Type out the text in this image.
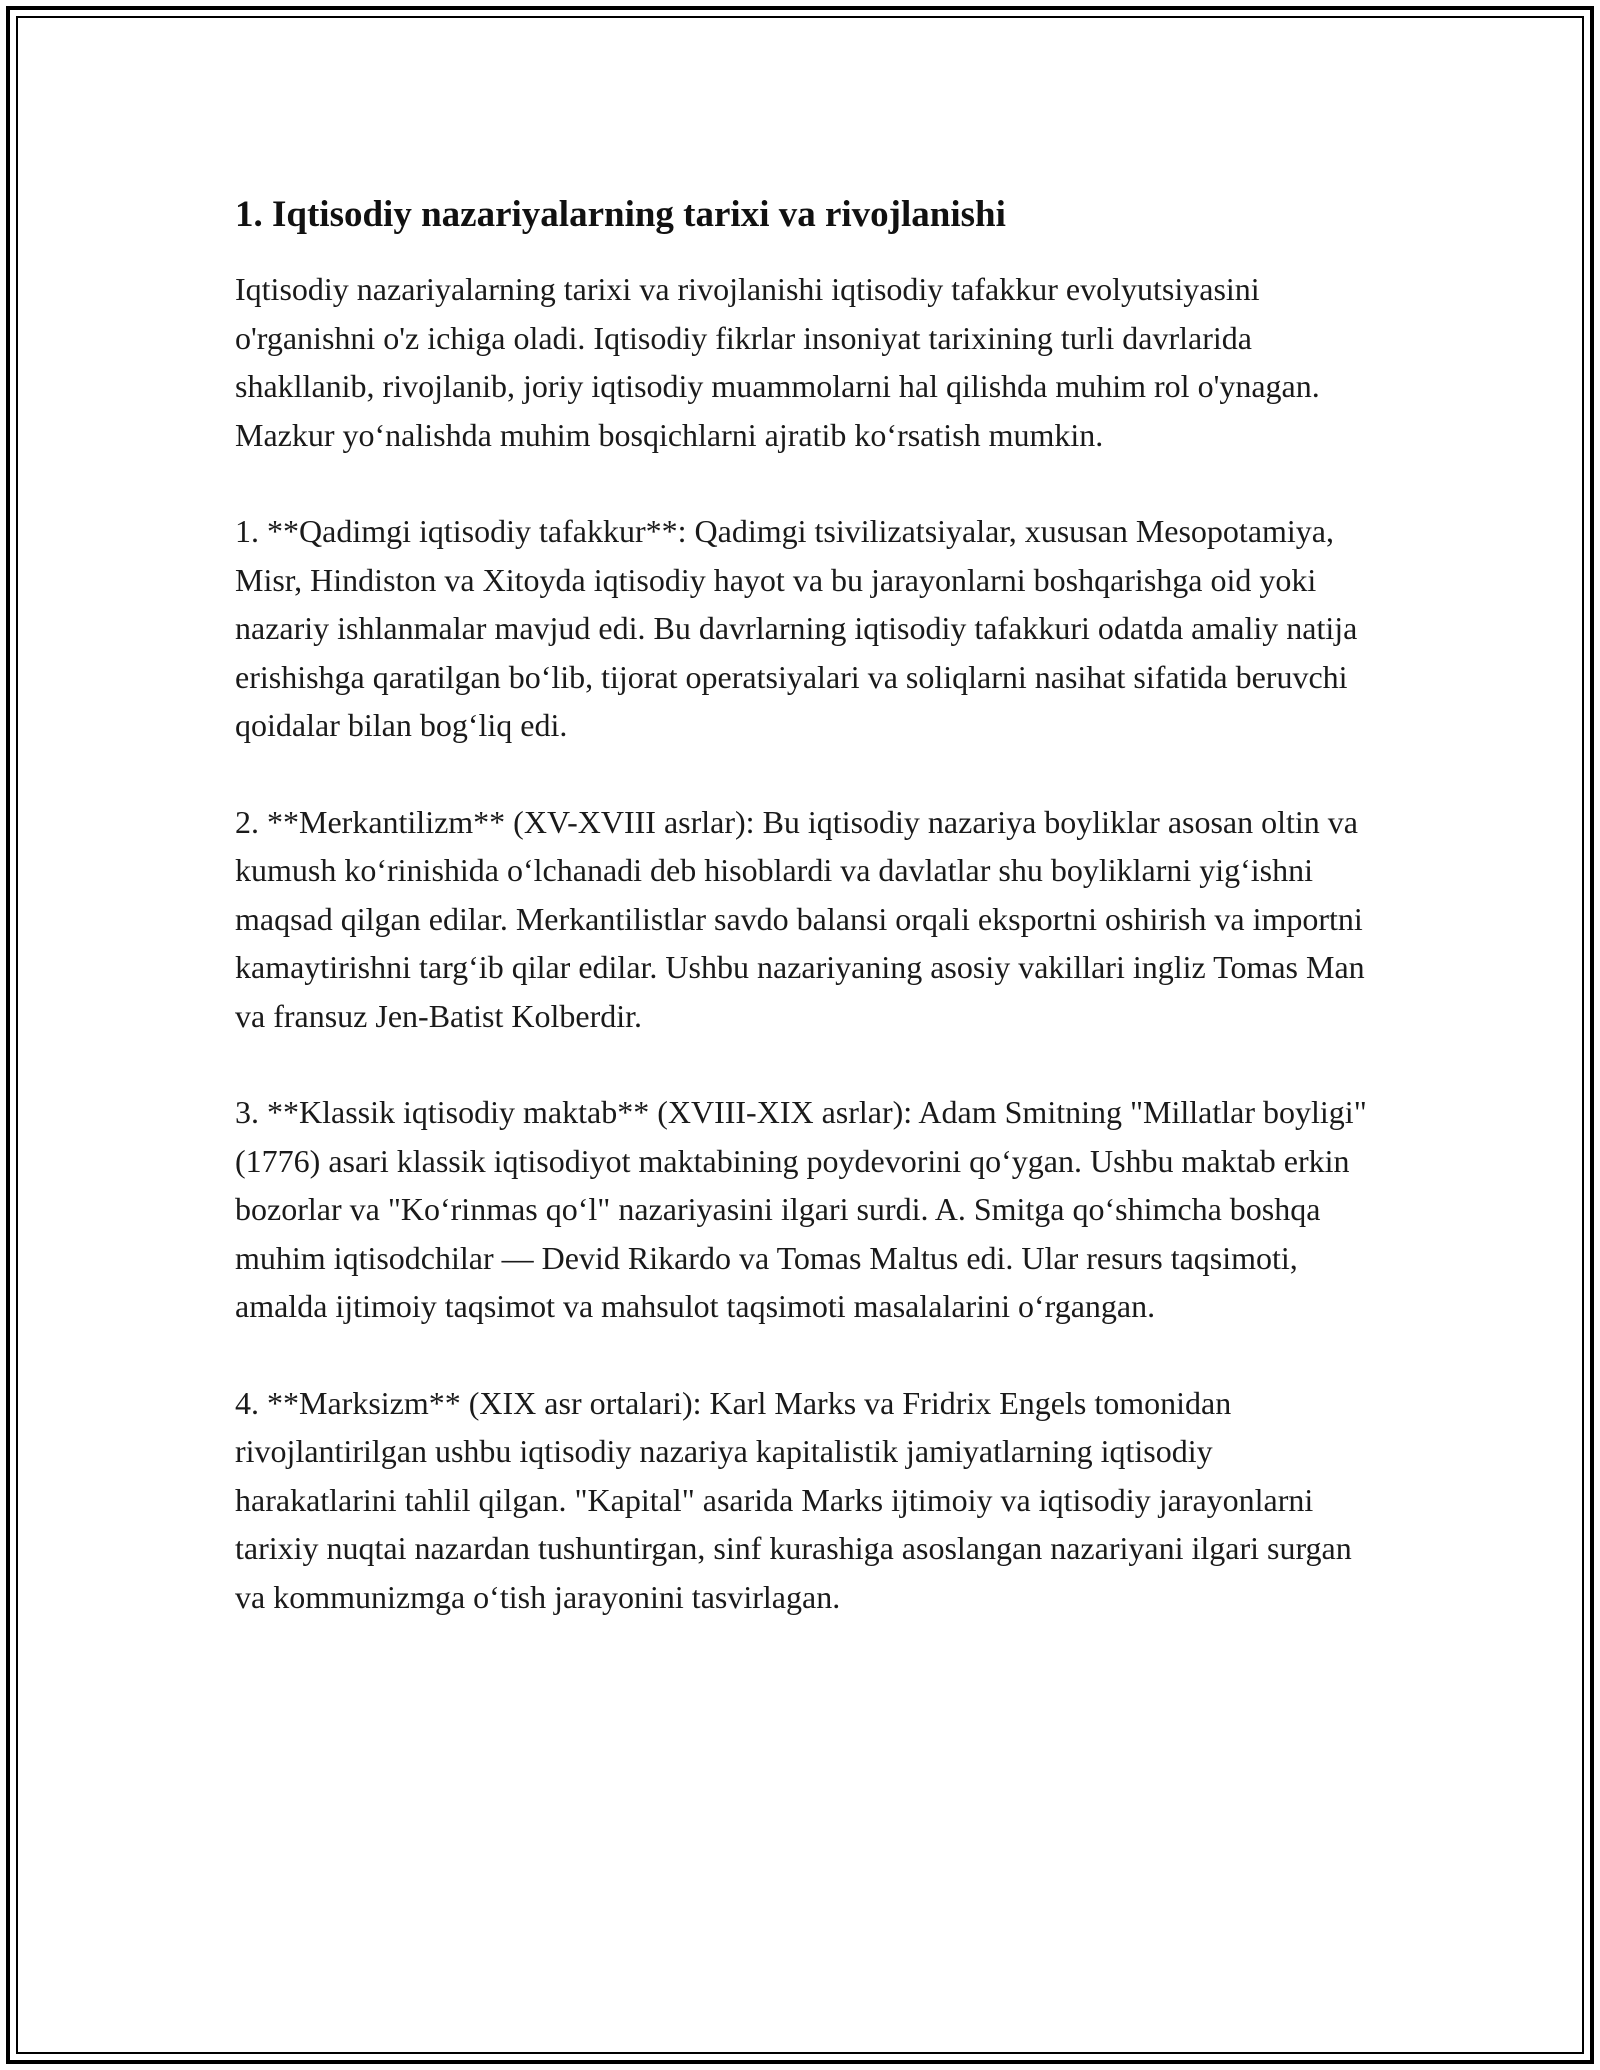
1. Iqtisodiy nazariyalarning tarixi va rivojlanishi

Iqtisodiy nazariyalarning tarixi va rivojlanishi iqtisodiy tafakkur evolyutsiyasini o'rganishni o'z ichiga oladi. Iqtisodiy fikrlar insoniyat tarixining turli davrlarida shakllanib, rivojlanib, joriy iqtisodiy muammolarni hal qilishda muhim rol o'ynagan. Mazkur yo‘nalishda muhim bosqichlarni ajratib ko‘rsatish mumkin.

1. **Qadimgi iqtisodiy tafakkur**: Qadimgi tsivilizatsiyalar, xususan Mesopotamiya, Misr, Hindiston va Xitoyda iqtisodiy hayot va bu jarayonlarni boshqarishga oid yoki nazariy ishlanmalar mavjud edi. Bu davrlarning iqtisodiy tafakkuri odatda amaliy natija erishishga qaratilgan bo‘lib, tijorat operatsiyalari va soliqlarni nasihat sifatida beruvchi qoidalar bilan bog‘liq edi.

2. **Merkantilizm** (XV-XVIII asrlar): Bu iqtisodiy nazariya boyliklar asosan oltin va kumush ko‘rinishida o‘lchanadi deb hisoblardi va davlatlar shu boyliklarni yig‘ishni maqsad qilgan edilar. Merkantilistlar savdo balansi orqali eksportni oshirish va importni kamaytirishni targ‘ib qilar edilar. Ushbu nazariyaning asosiy vakillari ingliz Tomas Man va fransuz Jen-Batist Kolberdir.

3. **Klassik iqtisodiy maktab** (XVIII-XIX asrlar): Adam Smitning "Millatlar boyligi" (1776) asari klassik iqtisodiyot maktabining poydevorini qo‘ygan. Ushbu maktab erkin bozorlar va "Ko‘rinmas qo‘l" nazariyasini ilgari surdi. A. Smitga qo‘shimcha boshqa muhim iqtisodchilar — Devid Rikardo va Tomas Maltus edi. Ular resurs taqsimoti, amalda ijtimoiy taqsimot va mahsulot taqsimoti masalalarini o‘rgangan.

4. **Marksizm** (XIX asr ortalari): Karl Marks va Fridrix Engels tomonidan rivojlantirilgan ushbu iqtisodiy nazariya kapitalistik jamiyatlarning iqtisodiy harakatlarini tahlil qilgan. "Kapital" asarida Marks ijtimoiy va iqtisodiy jarayonlarni tarixiy nuqtai nazardan tushuntirgan, sinf kurashiga asoslangan nazariyani ilgari surgan va kommunizmga o‘tish jarayonini tasvirlagan.
